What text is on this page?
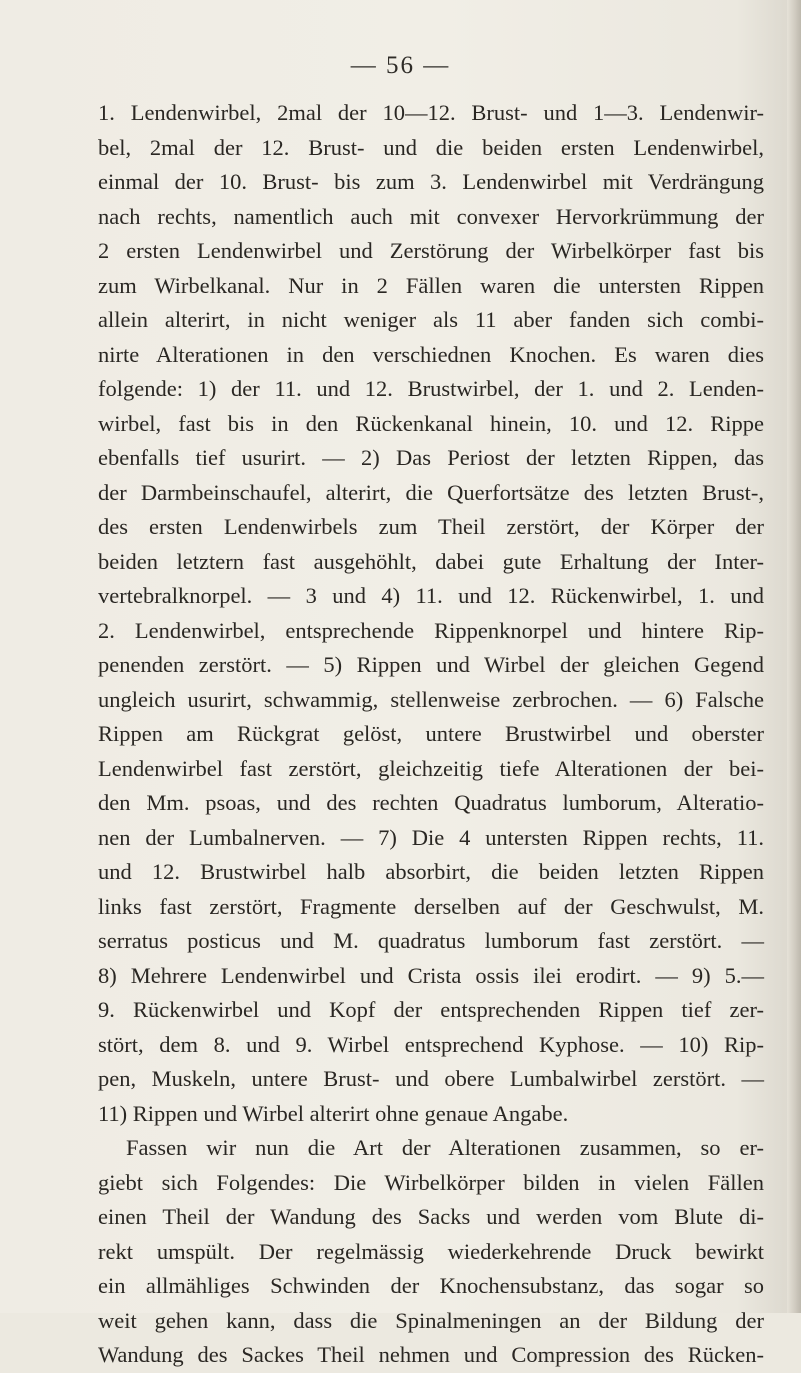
— 56 —
1. Lendenwirbel, 2mal der 10—12. Brust- und 1—3. Lendenwir-
bel, 2mal der 12. Brust- und die beiden ersten Lendenwirbel,
einmal der 10. Brust- bis zum 3. Lendenwirbel mit Verdrängung
nach rechts, namentlich auch mit convexer Hervorkrümmung der
2 ersten Lendenwirbel und Zerstörung der Wirbelkörper fast bis
zum Wirbelkanal. Nur in 2 Fällen waren die untersten Rippen
allein alterirt, in nicht weniger als 11 aber fanden sich combi-
nirte Alterationen in den verschiednen Knochen. Es waren dies
folgende: 1) der 11. und 12. Brustwirbel, der 1. und 2. Lenden-
wirbel, fast bis in den Rückenkanal hinein, 10. und 12. Rippe
ebenfalls tief usurirt. — 2) Das Periost der letzten Rippen, das
der Darmbeinschaufel, alterirt, die Querfortsätze des letzten Brust-,
des ersten Lendenwirbels zum Theil zerstört, der Körper der
beiden letztern fast ausgehöhlt, dabei gute Erhaltung der Inter-
vertebralknorpel. — 3 und 4) 11. und 12. Rückenwirbel, 1. und
2. Lendenwirbel, entsprechende Rippenknorpel und hintere Rip-
penenden zerstört. — 5) Rippen und Wirbel der gleichen Gegend
ungleich usurirt, schwammig, stellenweise zerbrochen. — 6) Falsche
Rippen am Rückgrat gelöst, untere Brustwirbel und oberster
Lendenwirbel fast zerstört, gleichzeitig tiefe Alterationen der bei-
den Mm. psoas, und des rechten Quadratus lumborum, Alteratio-
nen der Lumbalnerven. — 7) Die 4 untersten Rippen rechts, 11.
und 12. Brustwirbel halb absorbirt, die beiden letzten Rippen
links fast zerstört, Fragmente derselben auf der Geschwulst, M.
serratus posticus und M. quadratus lumborum fast zerstört. —
8) Mehrere Lendenwirbel und Crista ossis ilei erodirt. — 9) 5.—
9. Rückenwirbel und Kopf der entsprechenden Rippen tief zer-
stört, dem 8. und 9. Wirbel entsprechend Kyphose. — 10) Rip-
pen, Muskeln, untere Brust- und obere Lumbalwirbel zerstört. —
11) Rippen und Wirbel alterirt ohne genaue Angabe.
Fassen wir nun die Art der Alterationen zusammen, so er-
giebt sich Folgendes: Die Wirbelkörper bilden in vielen Fällen
einen Theil der Wandung des Sacks und werden vom Blute di-
rekt umspült. Der regelmässig wiederkehrende Druck bewirkt
ein allmähliges Schwinden der Knochensubstanz, das sogar so
weit gehen kann, dass die Spinalmeningen an der Bildung der
Wandung des Sackes Theil nehmen und Compression des Rücken-
